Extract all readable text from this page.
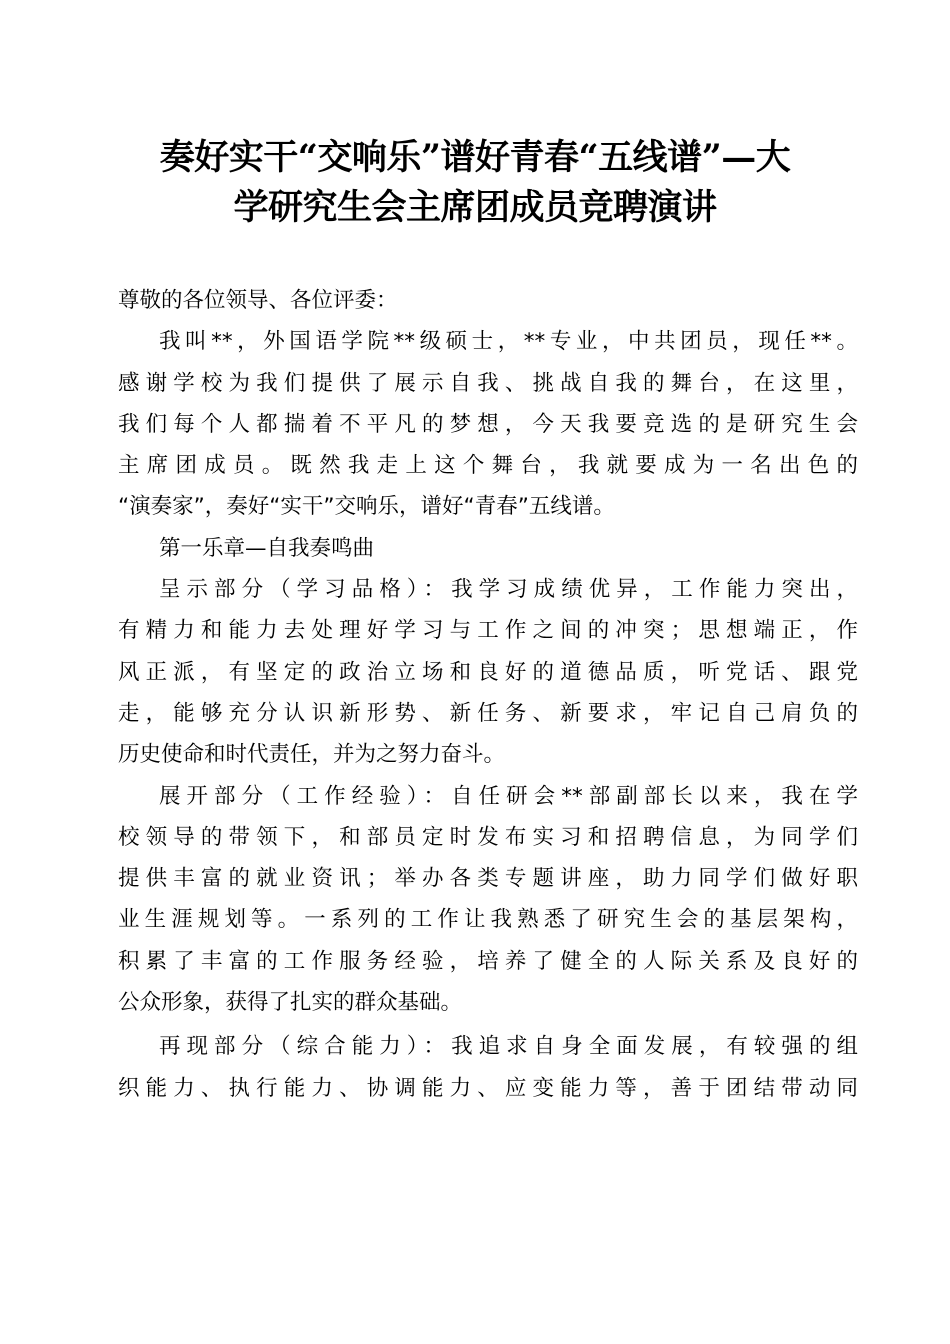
奏好实干“交响乐”谱好青春“五线谱”—大
学研究生会主席团成员竞聘演讲
尊敬的各位领导、各位评委：
我叫**，外国语学院**级硕士，**专业，中共团员，现任**。
感谢学校为我们提供了展示自我、挑战自我的舞台，在这里，
我们每个人都揣着不平凡的梦想，今天我要竞选的是研究生会
主席团成员。既然我走上这个舞台，我就要成为一名出色的
“演奏家”，奏好“实干”交响乐，谱好“青春”五线谱。
第一乐章—自我奏鸣曲
呈示部分（学习品格）：我学习成绩优异，工作能力突出，
有精力和能力去处理好学习与工作之间的冲突；思想端正，作
风正派，有坚定的政治立场和良好的道德品质，听党话、跟党
走，能够充分认识新形势、新任务、新要求，牢记自己肩负的
历史使命和时代责任，并为之努力奋斗。
展开部分（工作经验）：自任研会**部副部长以来，我在学
校领导的带领下，和部员定时发布实习和招聘信息，为同学们
提供丰富的就业资讯；举办各类专题讲座，助力同学们做好职
业生涯规划等。一系列的工作让我熟悉了研究生会的基层架构，
积累了丰富的工作服务经验，培养了健全的人际关系及良好的
公众形象，获得了扎实的群众基础。
再现部分（综合能力）：我追求自身全面发展，有较强的组
织能力、执行能力、协调能力、应变能力等，善于团结带动同
